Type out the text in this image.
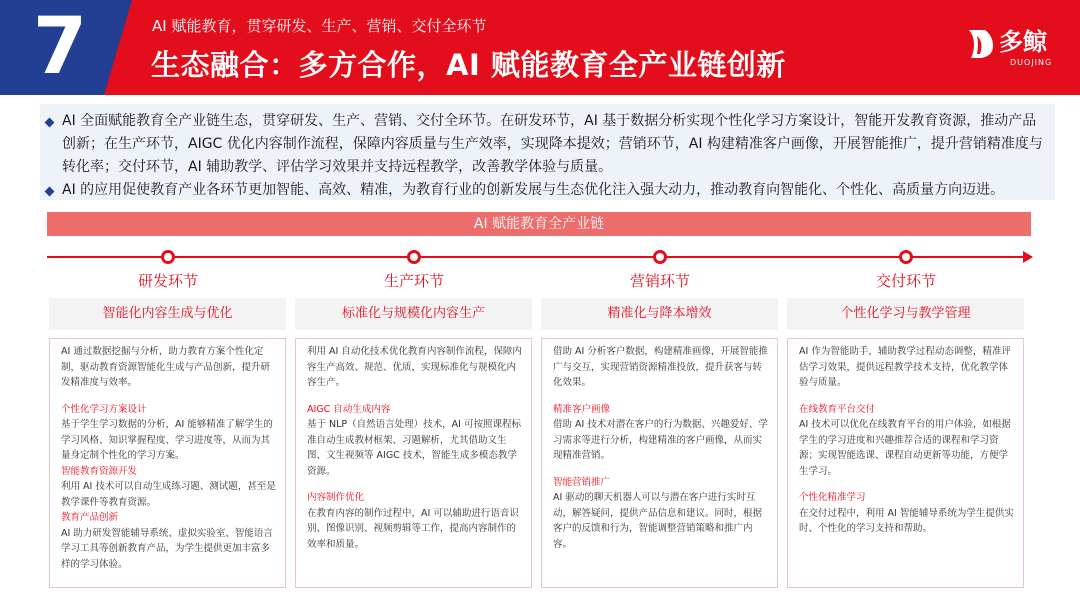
7	AI 赋能教育，贯穿研发、生产、营销、交付全环节
生态融合：多方合作，AI 赋能教育全产业链创新
多鲸
DUOJING
AI 全面赋能教育全产业链生态，贯穿研发、生产、营销、交付全环节。在研发环节，AI 基于数据分析实现个性化学习方案设计，智能开发教育资源，推动产品创新；在生产环节，AIGC 优化内容制作流程，保障内容质量与生产效率，实现降本提效；营销环节，AI 构建精准客户画像，开展智能推广，提升营销精准度与转化率；交付环节，AI 辅助教学、评估学习效果并支持远程教学，改善教学体验与质量。
AI 的应用促使教育产业各环节更加智能、高效、精准，为教育行业的创新发展与生态优化注入强大动力，推动教育向智能化、个性化、高质量方向迈进。
AI 赋能教育全产业链
研发环节	生产环节	营销环节	交付环节
智能化内容生成与优化
AI 通过数据挖掘与分析，助力教育方案个性化定制，驱动教育资源智能化生成与产品创新，提升研发精准度与效率。
个性化学习方案设计
基于学生学习数据的分析，AI 能够精准了解学生的学习风格、知识掌握程度、学习进度等，从而为其量身定制个性化的学习方案。
智能教育资源开发
利用 AI 技术可以自动生成练习题、测试题，甚至是教学课件等教育资源。
教育产品创新
AI 助力研发智能辅导系统、虚拟实验室、智能语言学习工具等创新教育产品，为学生提供更加丰富多样的学习体验。
标准化与规模化内容生产
利用 AI 自动化技术优化教育内容制作流程，保障内容生产高效、规范、优质，实现标准化与规模化内容生产。
AIGC 自动生成内容
基于 NLP（自然语言处理）技术，AI 可按照课程标准自动生成教材框架、习题解析，尤其借助文生图、文生视频等 AIGC 技术，智能生成多模态教学资源。
内容制作优化
在教育内容的制作过程中，AI 可以辅助进行语音识别、图像识别、视频剪辑等工作，提高内容制作的效率和质量。
精准化与降本增效
借助 AI 分析客户数据，构建精准画像，开展智能推广与交互，实现营销资源精准投放，提升获客与转化效果。
精准客户画像
借助 AI 技术对潜在客户的行为数据、兴趣爱好、学习需求等进行分析，构建精准的客户画像，从而实现精准营销。
智能营销推广
AI 驱动的聊天机器人可以与潜在客户进行实时互动，解答疑问，提供产品信息和建议。同时，根据客户的反馈和行为，智能调整营销策略和推广内容。
个性化学习与教学管理
AI 作为智能助手，辅助教学过程动态调整，精准评估学习效果，提供远程教学技术支持，优化教学体验与质量。
在线教育平台交付
AI 技术可以优化在线教育平台的用户体验，如根据学生的学习进度和兴趣推荐合适的课程和学习资源；实现智能选课、课程自动更新等功能，方便学生学习。
个性化精准学习
在交付过程中，利用 AI 智能辅导系统为学生提供实时、个性化的学习支持和帮助。
